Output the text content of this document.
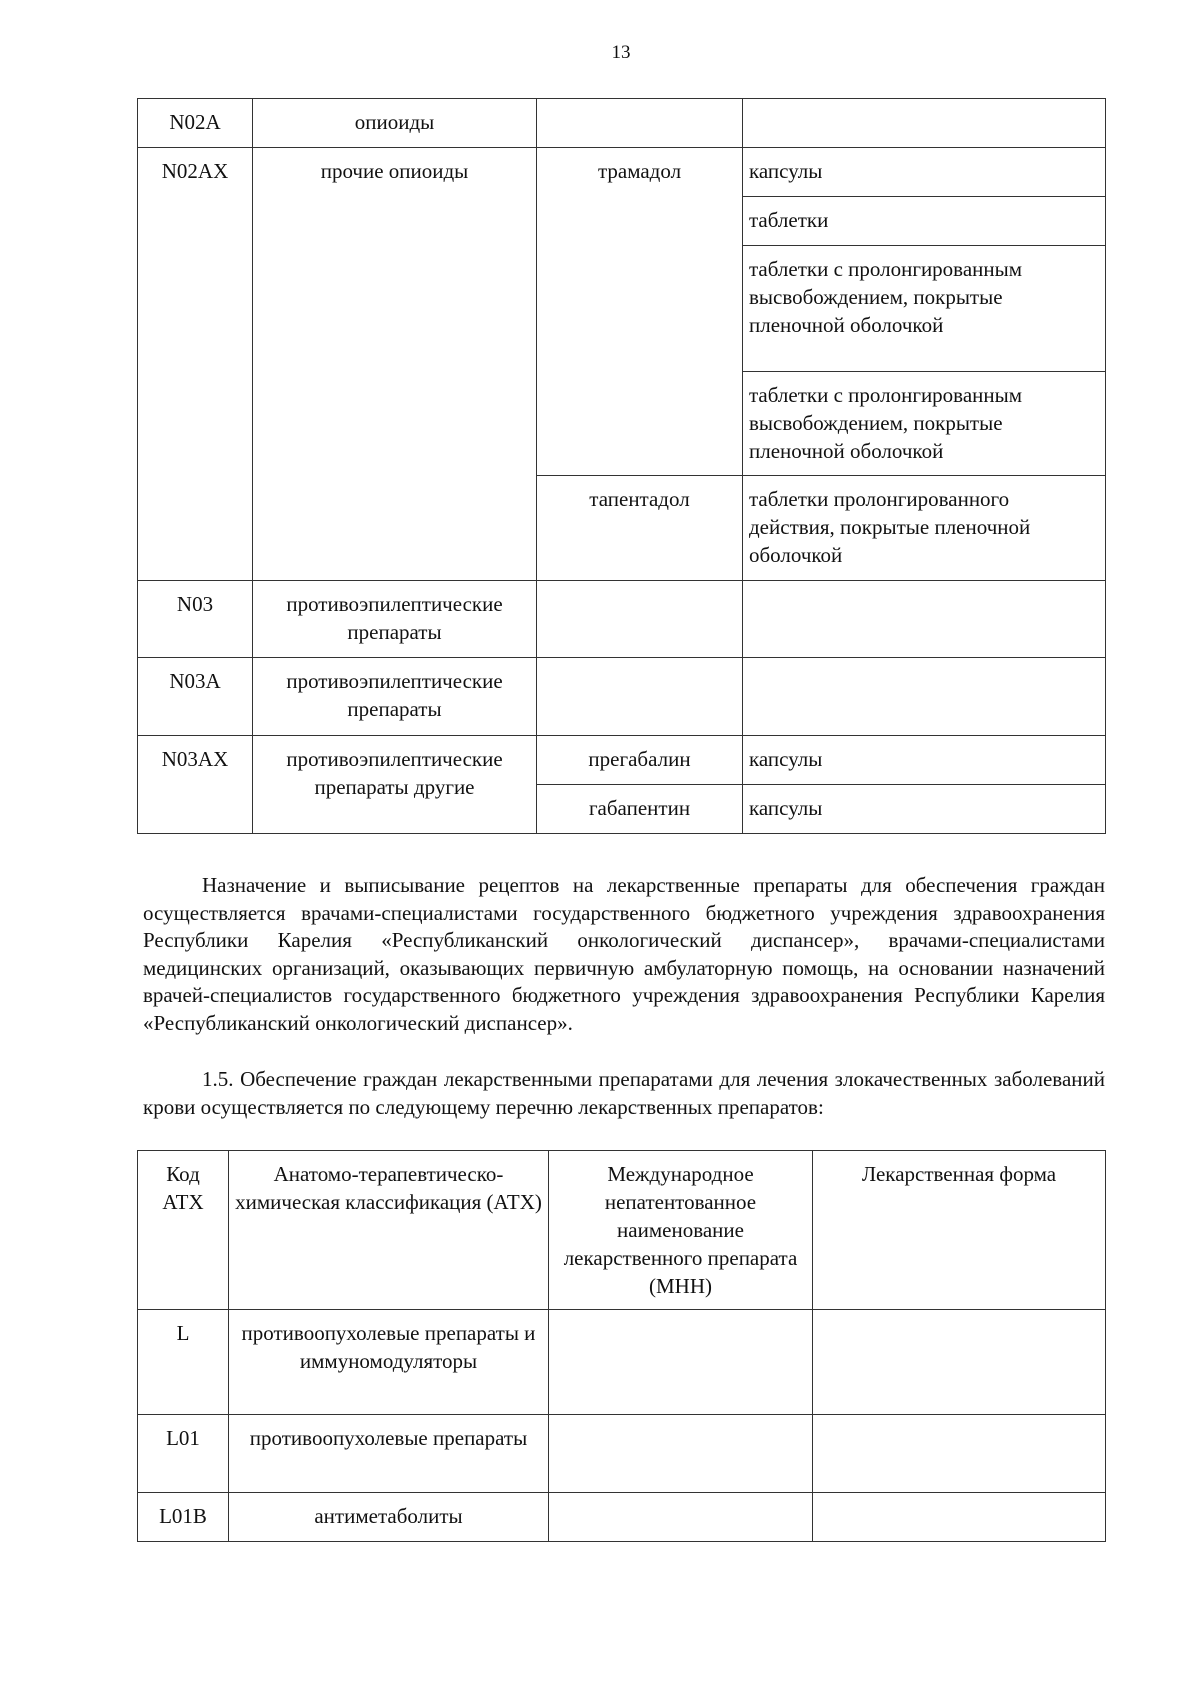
13
N02A	опиоиды		
N02AX	прочие опиоиды	трамадол	капсулы
			таблетки
			таблетки с пролонгированным высвобождением, покрытые пленочной оболочкой
			таблетки с пролонгированным высвобождением, покрытые пленочной оболочкой
		тапентадол	таблетки пролонгированного действия, покрытые пленочной оболочкой
N03	противоэпилептические препараты		
N03A	противоэпилептические препараты		
N03AX	противоэпилептические препараты другие	прегабалин	капсулы
		габапентин	капсулы

Назначение и выписывание рецептов на лекарственные препараты для обеспечения граждан осуществляется врачами-специалистами государственного бюджетного учреждения здравоохранения Республики Карелия «Республиканский онкологический диспансер», врачами-специалистами медицинских организаций, оказывающих первичную амбулаторную помощь, на основании назначений врачей-специалистов государственного бюджетного учреждения здравоохранения Республики Карелия «Республиканский онкологический диспансер».

1.5. Обеспечение граждан лекарственными препаратами для лечения злокачественных заболеваний крови осуществляется по следующему перечню лекарственных препаратов:

Код АТХ	Анатомо-терапевтическо-химическая классификация (АТХ)	Международное непатентованное наименование лекарственного препарата (МНН)	Лекарственная форма
L	противоопухолевые препараты и иммуномодуляторы		
L01	противоопухолевые препараты		
L01B	антиметаболиты		
